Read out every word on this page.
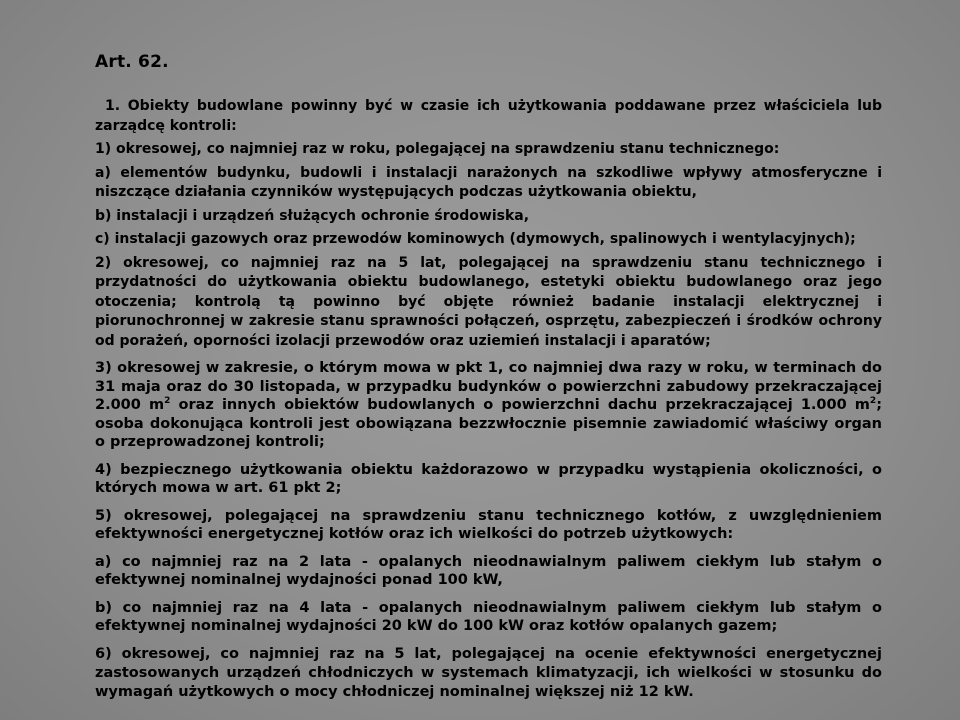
Art. 62.

1. Obiekty budowlane powinny być w czasie ich użytkowania poddawane przez właściciela lub zarządcę kontroli:

1) okresowej, co najmniej raz w roku, polegającej na sprawdzeniu stanu technicznego:

a) elementów budynku, budowli i instalacji narażonych na szkodliwe wpływy atmosferyczne i niszczące działania czynników występujących podczas użytkowania obiektu,

b) instalacji i urządzeń służących ochronie środowiska,

c) instalacji gazowych oraz przewodów kominowych (dymowych, spalinowych i wentylacyjnych);

2) okresowej, co najmniej raz na 5 lat, polegającej na sprawdzeniu stanu technicznego i przydatności do użytkowania obiektu budowlanego, estetyki obiektu budowlanego oraz jego otoczenia; kontrolą tą powinno być objęte również badanie instalacji elektrycznej i piorunochronnej w zakresie stanu sprawności połączeń, osprzętu, zabezpieczeń i środków ochrony od porażeń, oporności izolacji przewodów oraz uziemień instalacji i aparatów;

3) okresowej w zakresie, o którym mowa w pkt 1, co najmniej dwa razy w roku, w terminach do 31 maja oraz do 30 listopada, w przypadku budynków o powierzchni zabudowy przekraczającej 2.000 $m^2$ oraz innych obiektów budowlanych o powierzchni dachu przekraczającej 1.000 $m^2$; osoba dokonująca kontroli jest obowiązana bezzwłocznie pisemnie zawiadomić właściwy organ o przeprowadzonej kontroli;

4) bezpiecznego użytkowania obiektu każdorazowo w przypadku wystąpienia okoliczności, o których mowa w art. 61 pkt 2;

5) okresowej, polegającej na sprawdzeniu stanu technicznego kotłów, z uwzględnieniem efektywności energetycznej kotłów oraz ich wielkości do potrzeb użytkowych:

a) co najmniej raz na 2 lata - opalanych nieodnawialnym paliwem ciekłym lub stałym o efektywnej nominalnej wydajności ponad 100 kW,

b) co najmniej raz na 4 lata - opalanych nieodnawialnym paliwem ciekłym lub stałym o efektywnej nominalnej wydajności 20 kW do 100 kW oraz kotłów opalanych gazem;

6) okresowej, co najmniej raz na 5 lat, polegającej na ocenie efektywności energetycznej zastosowanych urządzeń chłodniczych w systemach klimatyzacji, ich wielkości w stosunku do wymagań użytkowych o mocy chłodniczej nominalnej większej niż 12 kW.
